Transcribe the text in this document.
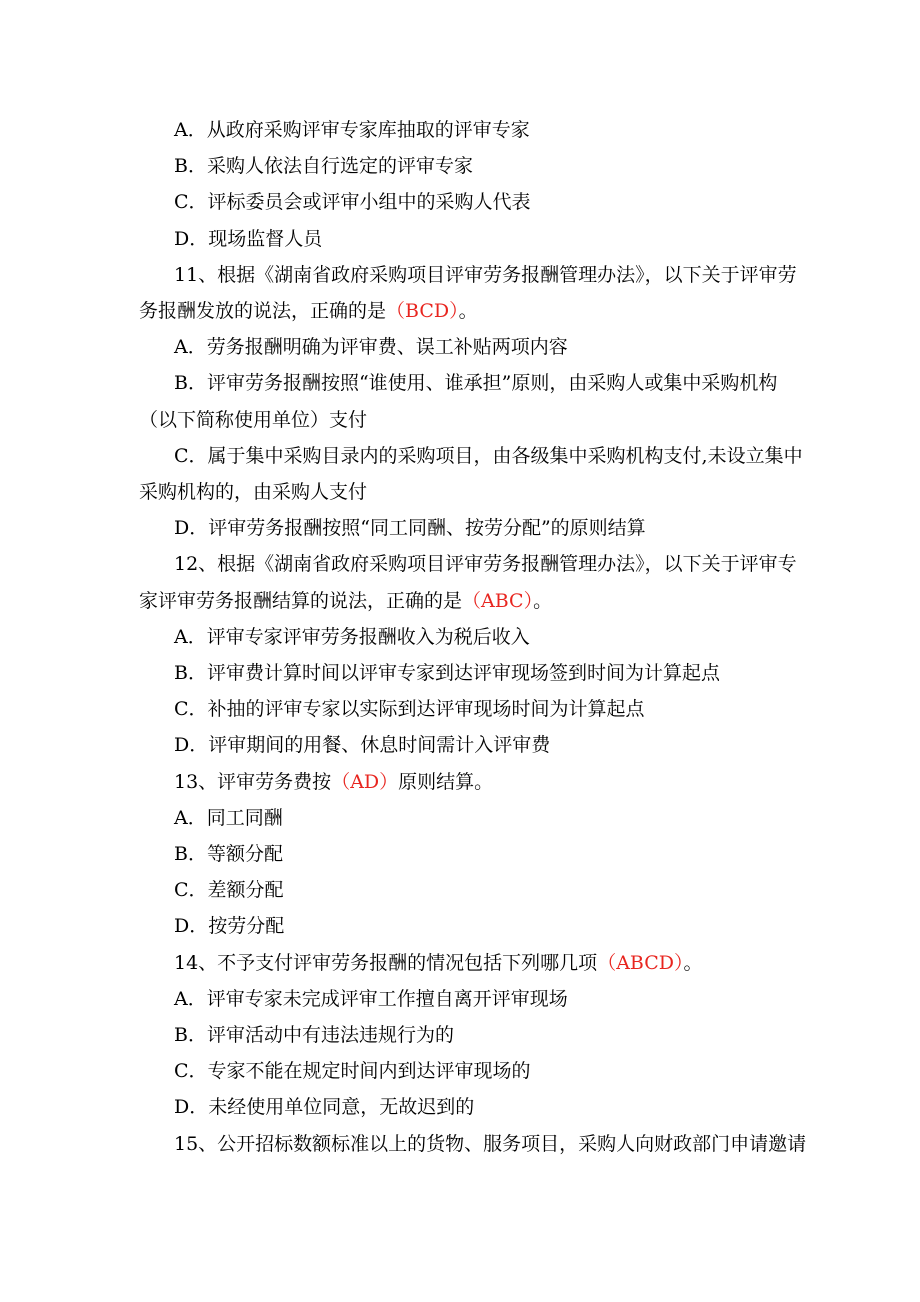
A．从政府采购评审专家库抽取的评审专家
B．采购人依法自行选定的评审专家
C．评标委员会或评审小组中的采购人代表
D．现场监督人员
11、根据《湖南省政府采购项目评审劳务报酬管理办法》，以下关于评审劳
务报酬发放的说法，正确的是（BCD）。
A．劳务报酬明确为评审费、误工补贴两项内容
B．评审劳务报酬按照“谁使用、谁承担”原则，由采购人或集中采购机构
（以下简称使用单位）支付
C．属于集中采购目录内的采购项目，由各级集中采购机构支付,未设立集中
采购机构的，由采购人支付
D．评审劳务报酬按照“同工同酬、按劳分配”的原则结算
12、根据《湖南省政府采购项目评审劳务报酬管理办法》，以下关于评审专
家评审劳务报酬结算的说法，正确的是（ABC）。
A．评审专家评审劳务报酬收入为税后收入
B．评审费计算时间以评审专家到达评审现场签到时间为计算起点
C．补抽的评审专家以实际到达评审现场时间为计算起点
D．评审期间的用餐、休息时间需计入评审费
13、评审劳务费按（AD）原则结算。
A．同工同酬
B．等额分配
C．差额分配
D．按劳分配
14、不予支付评审劳务报酬的情况包括下列哪几项（ABCD）。
A．评审专家未完成评审工作擅自离开评审现场
B．评审活动中有违法违规行为的
C．专家不能在规定时间内到达评审现场的
D．未经使用单位同意，无故迟到的
15、公开招标数额标准以上的货物、服务项目，采购人向财政部门申请邀请
